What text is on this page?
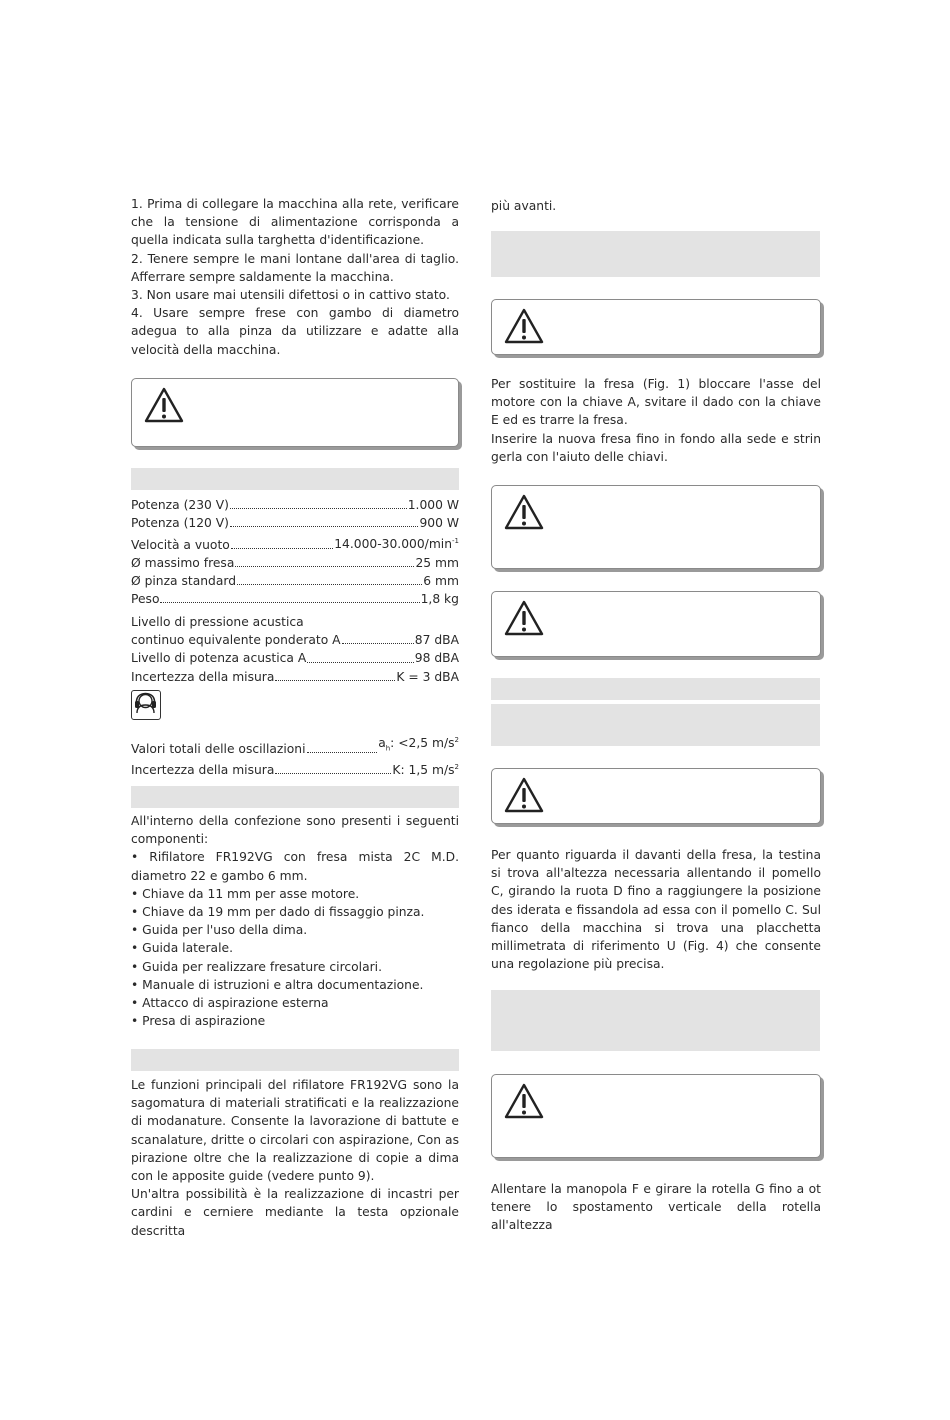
1. Prima di collegare la macchina alla rete, verificare che la tensione di alimentazione corrisponda a quella indicata sulla targhetta d'identificazione.

2. Tenere sempre le mani lontane dall'area di taglio. Afferrare sempre saldamente la macchina.

3. Non usare mai utensili difettosi o in cattivo stato.

4. Usare sempre frese con gambo di diametro adegua to alla pinza da utilizzare e adatte alla velocità della macchina.

Potenza (230 V)	1.000 W
Potenza (120 V)	900 W
Velocità a vuoto	$14.000-30.000/\min^{-1}$
Ø massimo fresa	25 mm
Ø pinza standard	6 mm
Peso	1,8 kg

Livello di pressione acustica

continuo equivalente ponderato A	87 dBA
Livello di potenza acustica A	98 dBA
Incertezza della misura	K = 3 dBA
Valori totali delle oscillazioni	$a_h$: <2,5 $m/s^2$
Incertezza della misura	K: 1,5 $m/s^2$

All'interno della confezione sono presenti i seguenti componenti:

• Rifilatore FR192VG con fresa mista 2C M.D. diametro 22 e gambo 6 mm.

• Chiave da 11 mm per asse motore.

• Chiave da 19 mm per dado di fissaggio pinza.

• Guida per l'uso della dima.

• Guida laterale.

• Guida per realizzare fresature circolari.

• Manuale di istruzioni e altra documentazione.

• Attacco di aspirazione esterna

• Presa di aspirazione

Le funzioni principali del rifilatore FR192VG sono la sagomatura di materiali stratificati e la realizzazione di modanature. Consente la lavorazione di battute e scanalature, dritte o circolari con aspirazione, Con as pirazione oltre che la realizzazione di copie a dima con le apposite guide (vedere punto 9).

Un'altra possibilità è la realizzazione di incastri per cardini e cerniere mediante la testa opzionale descritta

più avanti.

Per sostituire la fresa (Fig. 1) bloccare l'asse del motore con la chiave A, svitare il dado con la chiave E ed es trarre la fresa.

Inserire la nuova fresa fino in fondo alla sede e strin gerla con l'aiuto delle chiavi.

Per quanto riguarda il davanti della fresa, la testina si trova all'altezza necessaria allentando il pomello C, girando la ruota D fino a raggiungere la posizione des iderata e fissandola ad essa con il pomello C. Sul fianco della macchina si trova una placchetta millimetrata di riferimento U (Fig. 4) che consente una regolazione più precisa.

Allentare la manopola F e girare la rotella G fino a ot tenere lo spostamento verticale della rotella all'altezza
